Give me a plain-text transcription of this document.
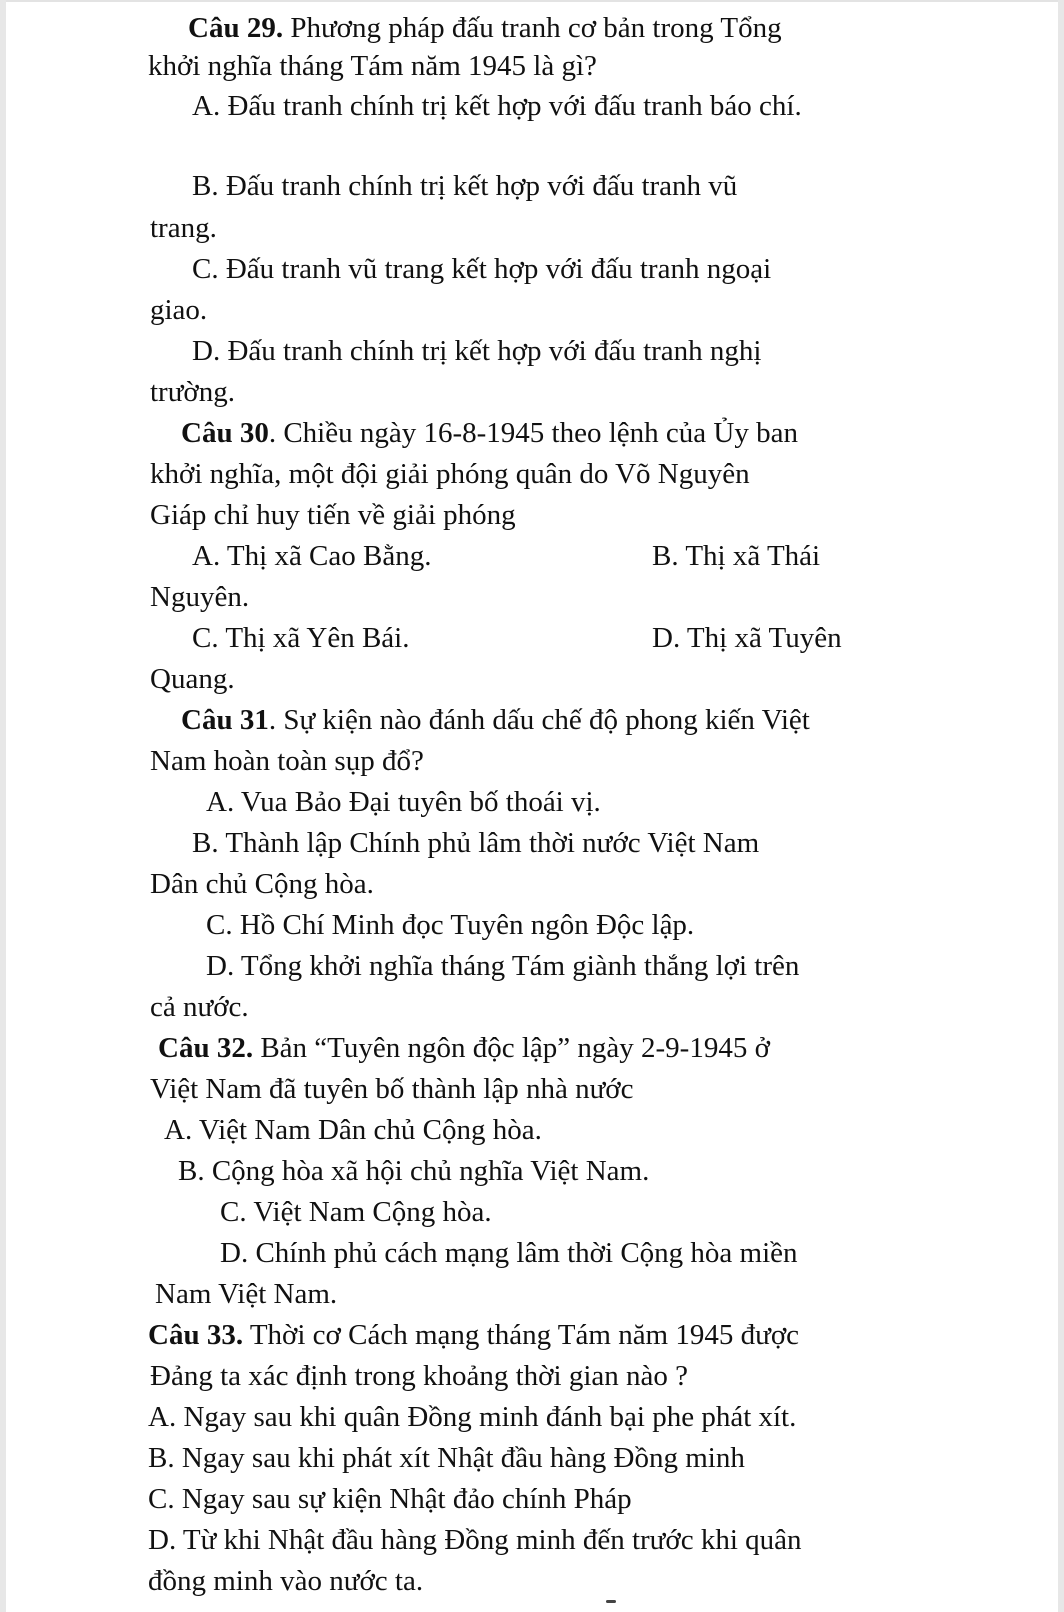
Câu 29. Phương pháp đấu tranh cơ bản trong Tổng
khởi nghĩa tháng Tám năm 1945 là gì?
A. Đấu tranh chính trị kết hợp với đấu tranh báo chí.
B. Đấu tranh chính trị kết hợp với đấu tranh vũ
trang.
C. Đấu tranh vũ trang kết hợp với đấu tranh ngoại
giao.
D. Đấu tranh chính trị kết hợp với đấu tranh nghị
trường.
Câu 30. Chiều ngày 16-8-1945 theo lệnh của Ủy ban
khởi nghĩa, một đội giải phóng quân do Võ Nguyên
Giáp chỉ huy tiến về giải phóng
A. Thị xã Cao Bằng.	B. Thị xã Thái
Nguyên.
C. Thị xã Yên Bái.	D. Thị xã Tuyên
Quang.
Câu 31. Sự kiện nào đánh dấu chế độ phong kiến Việt
Nam hoàn toàn sụp đổ?
A. Vua Bảo Đại tuyên bố thoái vị.
B. Thành lập Chính phủ lâm thời nước Việt Nam
Dân chủ Cộng hòa.
C. Hồ Chí Minh đọc Tuyên ngôn Độc lập.
D. Tổng khởi nghĩa tháng Tám giành thắng lợi trên
cả nước.
Câu 32. Bản “Tuyên ngôn độc lập” ngày 2-9-1945 ở
Việt Nam đã tuyên bố thành lập nhà nước
A. Việt Nam Dân chủ Cộng hòa.
B. Cộng hòa xã hội chủ nghĩa Việt Nam.
C. Việt Nam Cộng hòa.
D. Chính phủ cách mạng lâm thời Cộng hòa miền
Nam Việt Nam.
Câu 33. Thời cơ Cách mạng tháng Tám năm 1945 được
Đảng ta xác định trong khoảng thời gian nào ?
A. Ngay sau khi quân Đồng minh đánh bại phe phát xít.
B. Ngay sau khi phát xít Nhật đầu hàng Đồng minh
C. Ngay sau sự kiện Nhật đảo chính Pháp
D. Từ khi Nhật đầu hàng Đồng minh đến trước khi quân
đồng minh vào nước ta.
